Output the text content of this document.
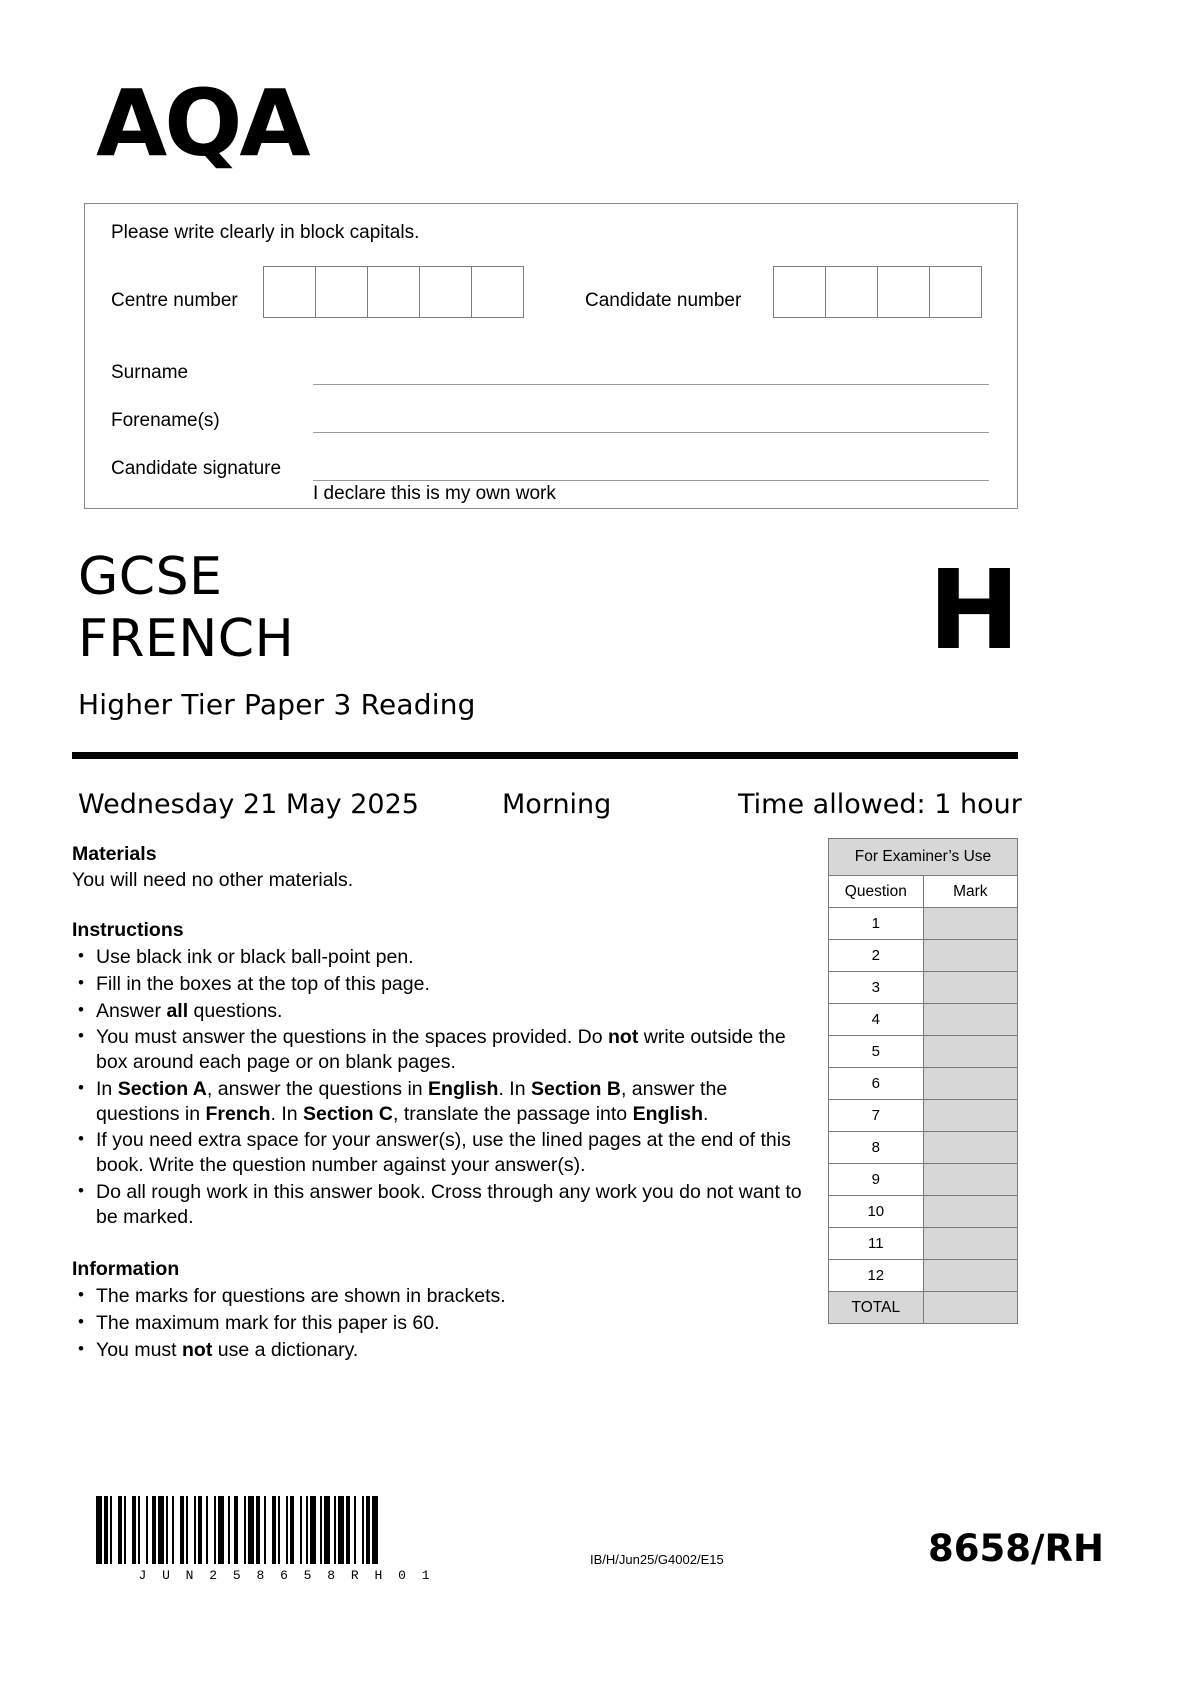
AQA
Please write clearly in block capitals.
Centre number	Candidate number
Surname
Forename(s)
Candidate signature
I declare this is my own work
GCSE
FRENCH
Higher Tier Paper 3 Reading
H
Wednesday 21 May 2025	Morning	Time allowed: 1 hour

Materials

You will need no other materials.

Instructions

• Use black ink or black ball-point pen.
• Fill in the boxes at the top of this page.
• Answer all questions.
• You must answer the questions in the spaces provided. Do not write outside the box around each page or on blank pages.
• In Section A, answer the questions in English. In Section B, answer the questions in French. In Section C, translate the passage into English.
• If you need extra space for your answer(s), use the lined pages at the end of this book. Write the question number against your answer(s).
• Do all rough work in this answer book. Cross through any work you do not want to be marked.

Information

• The marks for questions are shown in brackets.
• The maximum mark for this paper is 60.
• You must not use a dictionary.
For Examiner’s Use	
Question	Mark
1	
2	
3	
4	
5	
6	
7	
8	
9	
10	
11	
12	
TOTAL	
J U N 2 5 8 6 5 8 R H 0 1
IB/H/Jun25/G4002/E15	8658/RH
